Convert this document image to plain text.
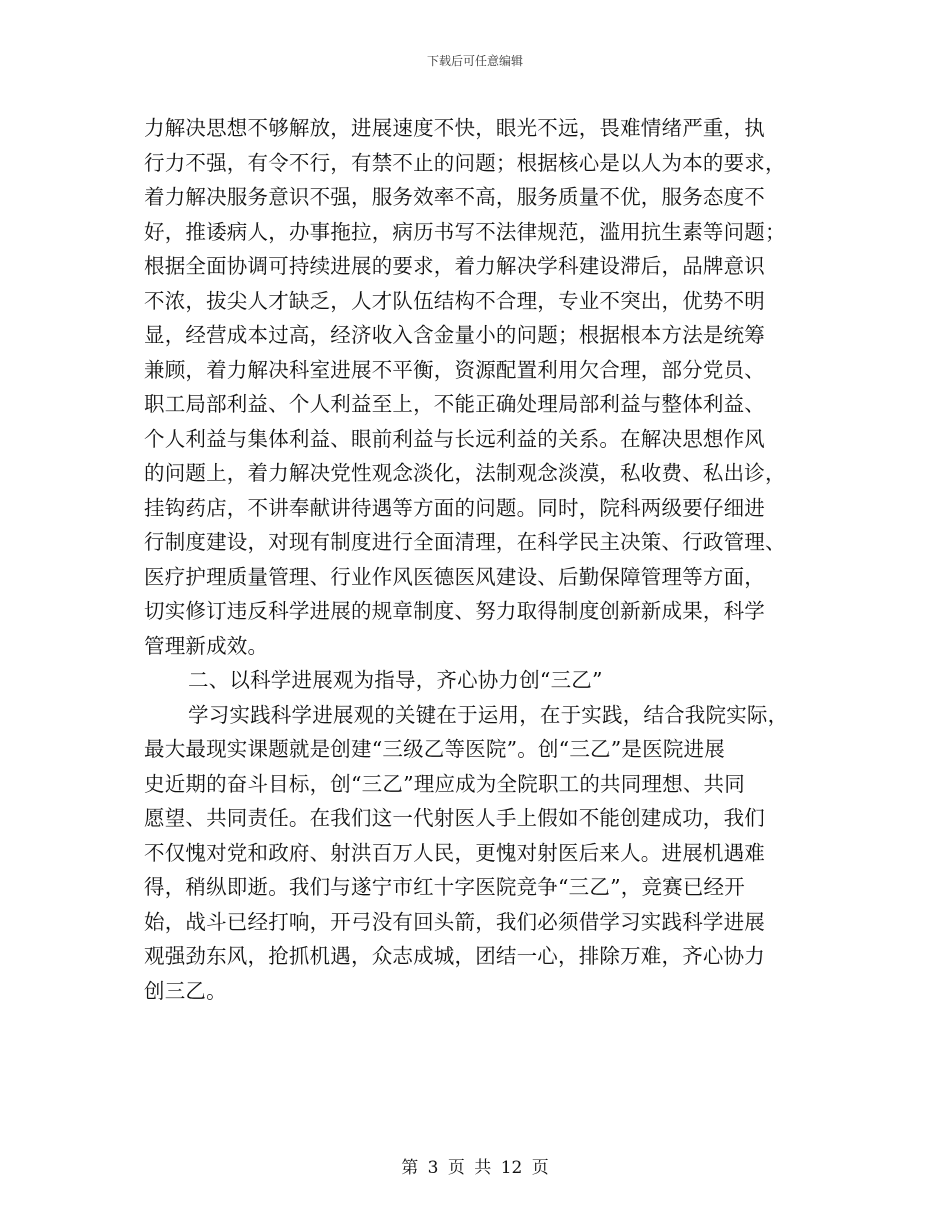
下载后可任意编辑
力解决思想不够解放，进展速度不快，眼光不远，畏难情绪严重，执
行力不强，有令不行，有禁不止的问题；根据核心是以人为本的要求，
着力解决服务意识不强，服务效率不高，服务质量不优，服务态度不
好，推诿病人，办事拖拉，病历书写不法律规范，滥用抗生素等问题；
根据全面协调可持续进展的要求，着力解决学科建设滞后，品牌意识
不浓，拔尖人才缺乏，人才队伍结构不合理，专业不突出，优势不明
显，经营成本过高，经济收入含金量小的问题；根据根本方法是统筹
兼顾，着力解决科室进展不平衡，资源配置利用欠合理，部分党员、
职工局部利益、个人利益至上，不能正确处理局部利益与整体利益、
个人利益与集体利益、眼前利益与长远利益的关系。在解决思想作风
的问题上，着力解决党性观念淡化，法制观念淡漠，私收费、私出诊，
挂钩药店，不讲奉献讲待遇等方面的问题。同时，院科两级要仔细进
行制度建设，对现有制度进行全面清理，在科学民主决策、行政管理、
医疗护理质量管理、行业作风医德医风建设、后勤保障管理等方面，
切实修订违反科学进展的规章制度、努力取得制度创新新成果，科学
管理新成效。
二、以科学进展观为指导，齐心协力创“三乙”
学习实践科学进展观的关键在于运用，在于实践，结合我院实际，
最大最现实课题就是创建“三级乙等医院”。创“三乙”是医院进展
史近期的奋斗目标，创“三乙”理应成为全院职工的共同理想、共同
愿望、共同责任。在我们这一代射医人手上假如不能创建成功，我们
不仅愧对党和政府、射洪百万人民，更愧对射医后来人。进展机遇难
得，稍纵即逝。我们与遂宁市红十字医院竞争“三乙”，竞赛已经开
始，战斗已经打响，开弓没有回头箭，我们必须借学习实践科学进展
观强劲东风，抢抓机遇，众志成城，团结一心，排除万难，齐心协力
创三乙。
第 3 页 共 12 页
